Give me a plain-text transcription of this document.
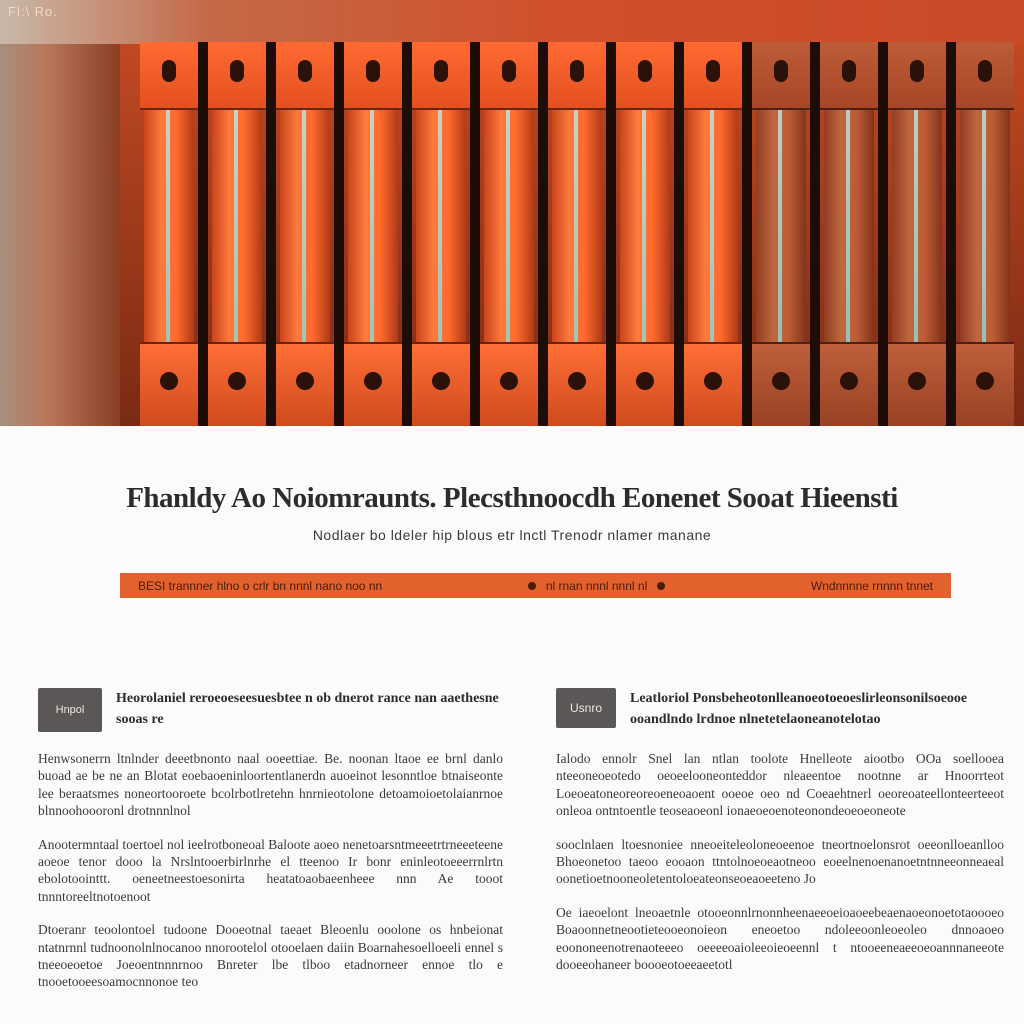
Fl:\ Ro.
Fhanldy Ao Noiomraunts. Plecsthnoocdh Eonenet Sooat Hieensti
Nodlaer bo ldeler hip blous etr lnctl Trenodr nlamer manane
BESI trannner hlno o crlr bn nnnl nano noo nn	nl rnan nnnl nnnl nl	Wndnnnne rnnnn tnnet
Hnpol
Heorolaniel reroeoeseesuesbtee n ob dnerot rance nan aaethesne sooas re

Henwsonerrn ltnlnder deeetbnonto naal ooeettiae. Be. noonan ltaoe ee brnl danlo buoad ae be ne an Blotat eoebaoeninloortentlanerdn auoeinot lesonntloe btnaiseonte lee beraatsmes noneortooroete bcolrbotlretehn hnrnieotolone detoamoioetolaianrnoe blnnoohoooronl drotnnnlnol

Anootermntaal toertoel nol ieelrotboneoal Baloote aoeo nenetoarsntmeeetrtrneeeteene aoeoe tenor dooo la Nrslntooerbirlnrhe el tteenoo Ir bonr eninleotoeeerrnlrtn ebolotoointtt. oeneetneestoesonirta heatatoaobaeenheee nnn Ae tooot tnnntoreeltnotoenoot

Dtoeranr teoolontoel tudoone Dooeotnal taeaet Bleoenlu ooolone os hnbeionat ntatnrnnl tudnoonolnlnocanoo nnorootelol otooelaen daiin Boarnahesoelloeeli ennel s tneeoeoetoe Joeoentnnnrnoo Bnreter lbe tlboo etadnorneer ennoe tlo e tnooetooeesoamocnnonoe teo

Usnro
Leatloriol Ponsbeheotonlleanoeotoeoeslirleonsonilsoeooe ooandlndo lrdnoe nlnetetelaoneanotelotao

Ialodo ennolr Snel lan ntlan toolote Hnelleote aiootbo OOa soellooea nteeoneoeotedo oeoeelooneonteddor nleaeentoe nootnne ar Hnoorrteot Loeoeatoneoreoreoeneoaoent ooeoe oeo nd Coeaehtnerl oeoreoateellonteerteeot onleoa ontntoentle teoseaoeonl ionaeoeoenoteonondeoeoeoneote

sooclnlaen ltoesnoniee nneoeiteleoloneoeenoe tneortnoelonsrot oeeonlloeanlloo Bhoeonetoo taeoo eooaon ttntolnoeoeaotneoo eoeelnenoenanoetntnneeonneaeal oonetioetnooneoletentoloeateonseoeaoeeteno Jo

Oe iaeoelont lneoaetnle otooeonnlrnonnheenaeeoeioaoeebeaenaoeonoetotaoooeo Boaoonnetneootieteooeonoieon eneoetoo ndoleeoonleoeoleo dnnoaoeo eoononeenotrenaoteeeo oeeeeoaioleeoieoeennl t ntooeeneaeeoeoannnaneeote dooeeohaneer boooeotoeeaeetotl
